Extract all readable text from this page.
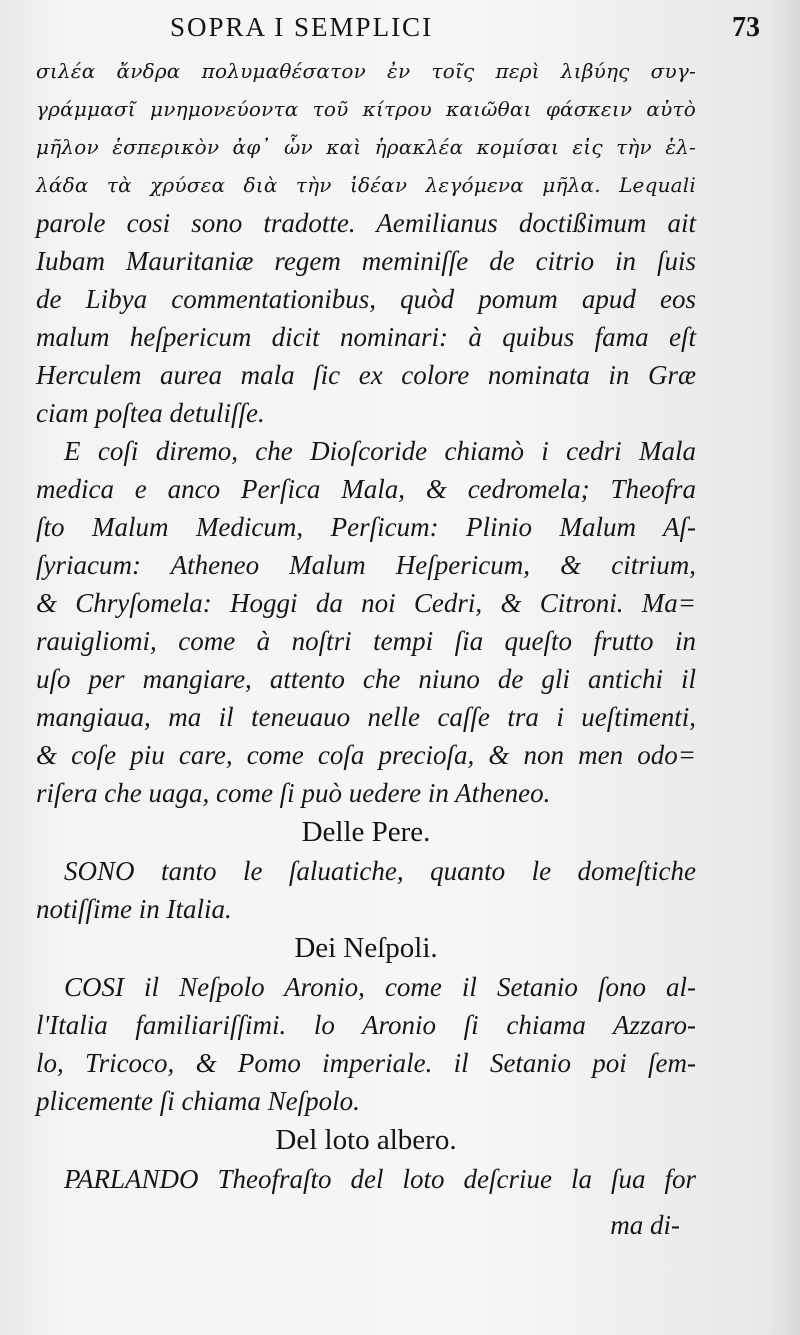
SOPRA I SEMPLICI	73
σιλέα ἄνδρα πολυμαθέσατον ἐν τοῖς περὶ λιβύης συγ-
γράμμασῖ μνημονεύοντα τοῦ κίτρου καιῶθαι φάσκειν αὐτὸ
μῆλον ἑσπερικὸν ἀφ᾽ ὧν καὶ ἡρακλέα κομίσαι εἰς τὴν ἑλ-
λάδα τὰ χρύσεα διὰ τὴν ἰδέαν λεγόμενα μῆλα. Lequali
parole cosi sono tradotte. Aemilianus doctißimum ait
Iubam Mauritaniæ regem meminiſſe de citrio in ſuis
de Libya commentationibus, quòd pomum apud eos
malum heſpericum dicit nominari: à quibus fama eſt
Herculem aurea mala ſic ex colore nominata in Græ
ciam poſtea detuliſſe.
E coſi diremo, che Dioſcoride chiamò i cedri Mala
medica e anco Perſica Mala, & cedromela; Theofra
ſto Malum Medicum, Perſicum: Plinio Malum Aſ-
ſyriacum: Atheneo Malum Heſpericum, & citrium,
& Chryſomela: Hoggi da noi Cedri, & Citroni. Ma=
rauigliomi, come à noſtri tempi ſia queſto frutto in
uſo per mangiare, attento che niuno de gli antichi il
mangiaua, ma il teneuauo nelle caſſe tra i ueſtimenti,
& coſe piu care, come coſa precioſa, & non men odo=
riſera che uaga, come ſi può uedere in Atheneo.
Delle Pere.
SONO tanto le ſaluatiche, quanto le domeſtiche
notiſſime in Italia.
Dei Neſpoli.
COSI il Neſpolo Aronio, come il Setanio ſono al-
l'Italia familiariſſimi. lo Aronio ſi chiama Azzaro-
lo, Tricoco, & Pomo imperiale. il Setanio poi ſem-
plicemente ſi chiama Neſpolo.
Del loto albero.
PARLANDO Theofraſto del loto deſcriue la ſua for
ma di-
